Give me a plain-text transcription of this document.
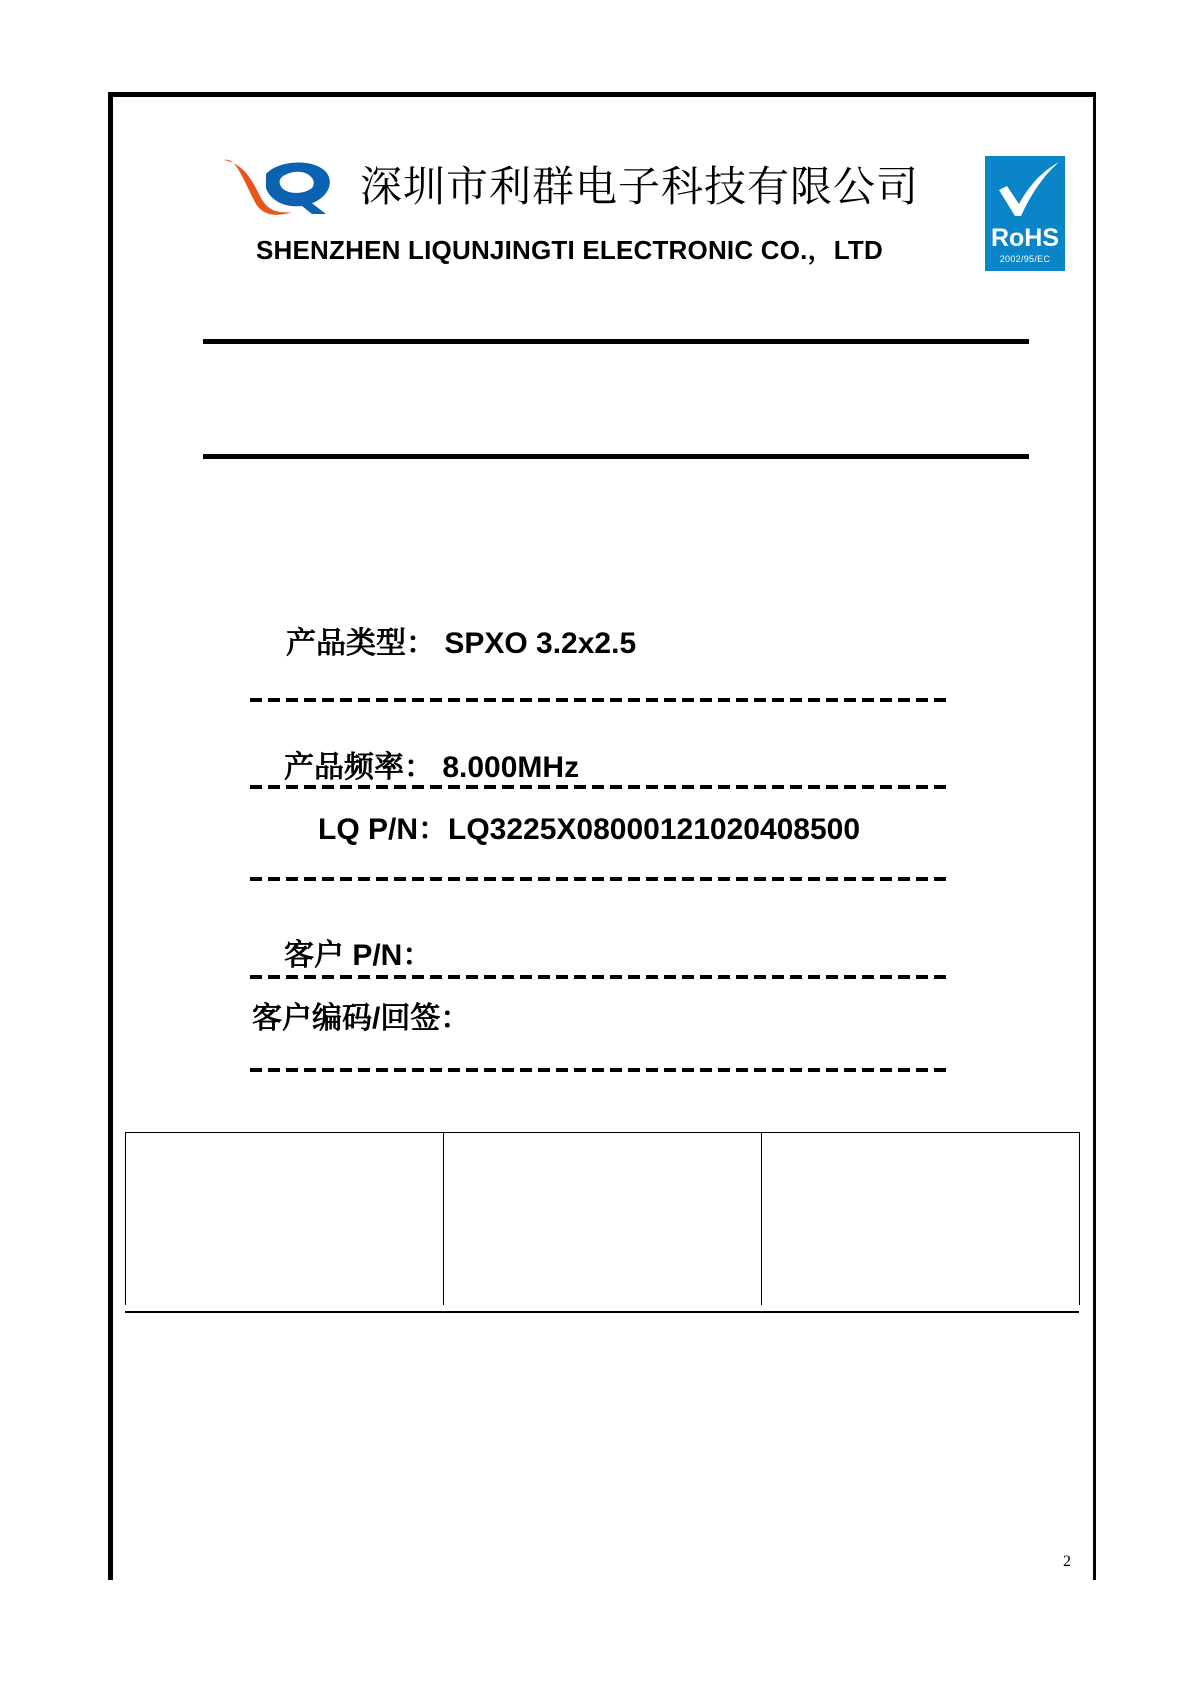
深圳市利群电子科技有限公司
SHENZHEN LIQUNJINGTI ELECTRONIC CO.，LTD	RoHS
2002/95/EC
产品类型： SPXO 3.2x2.5
产品频率： 8.000MHz
LQ P/N：LQ3225X08000121020408500
客户 P/N：
客户编码/回签：
2
